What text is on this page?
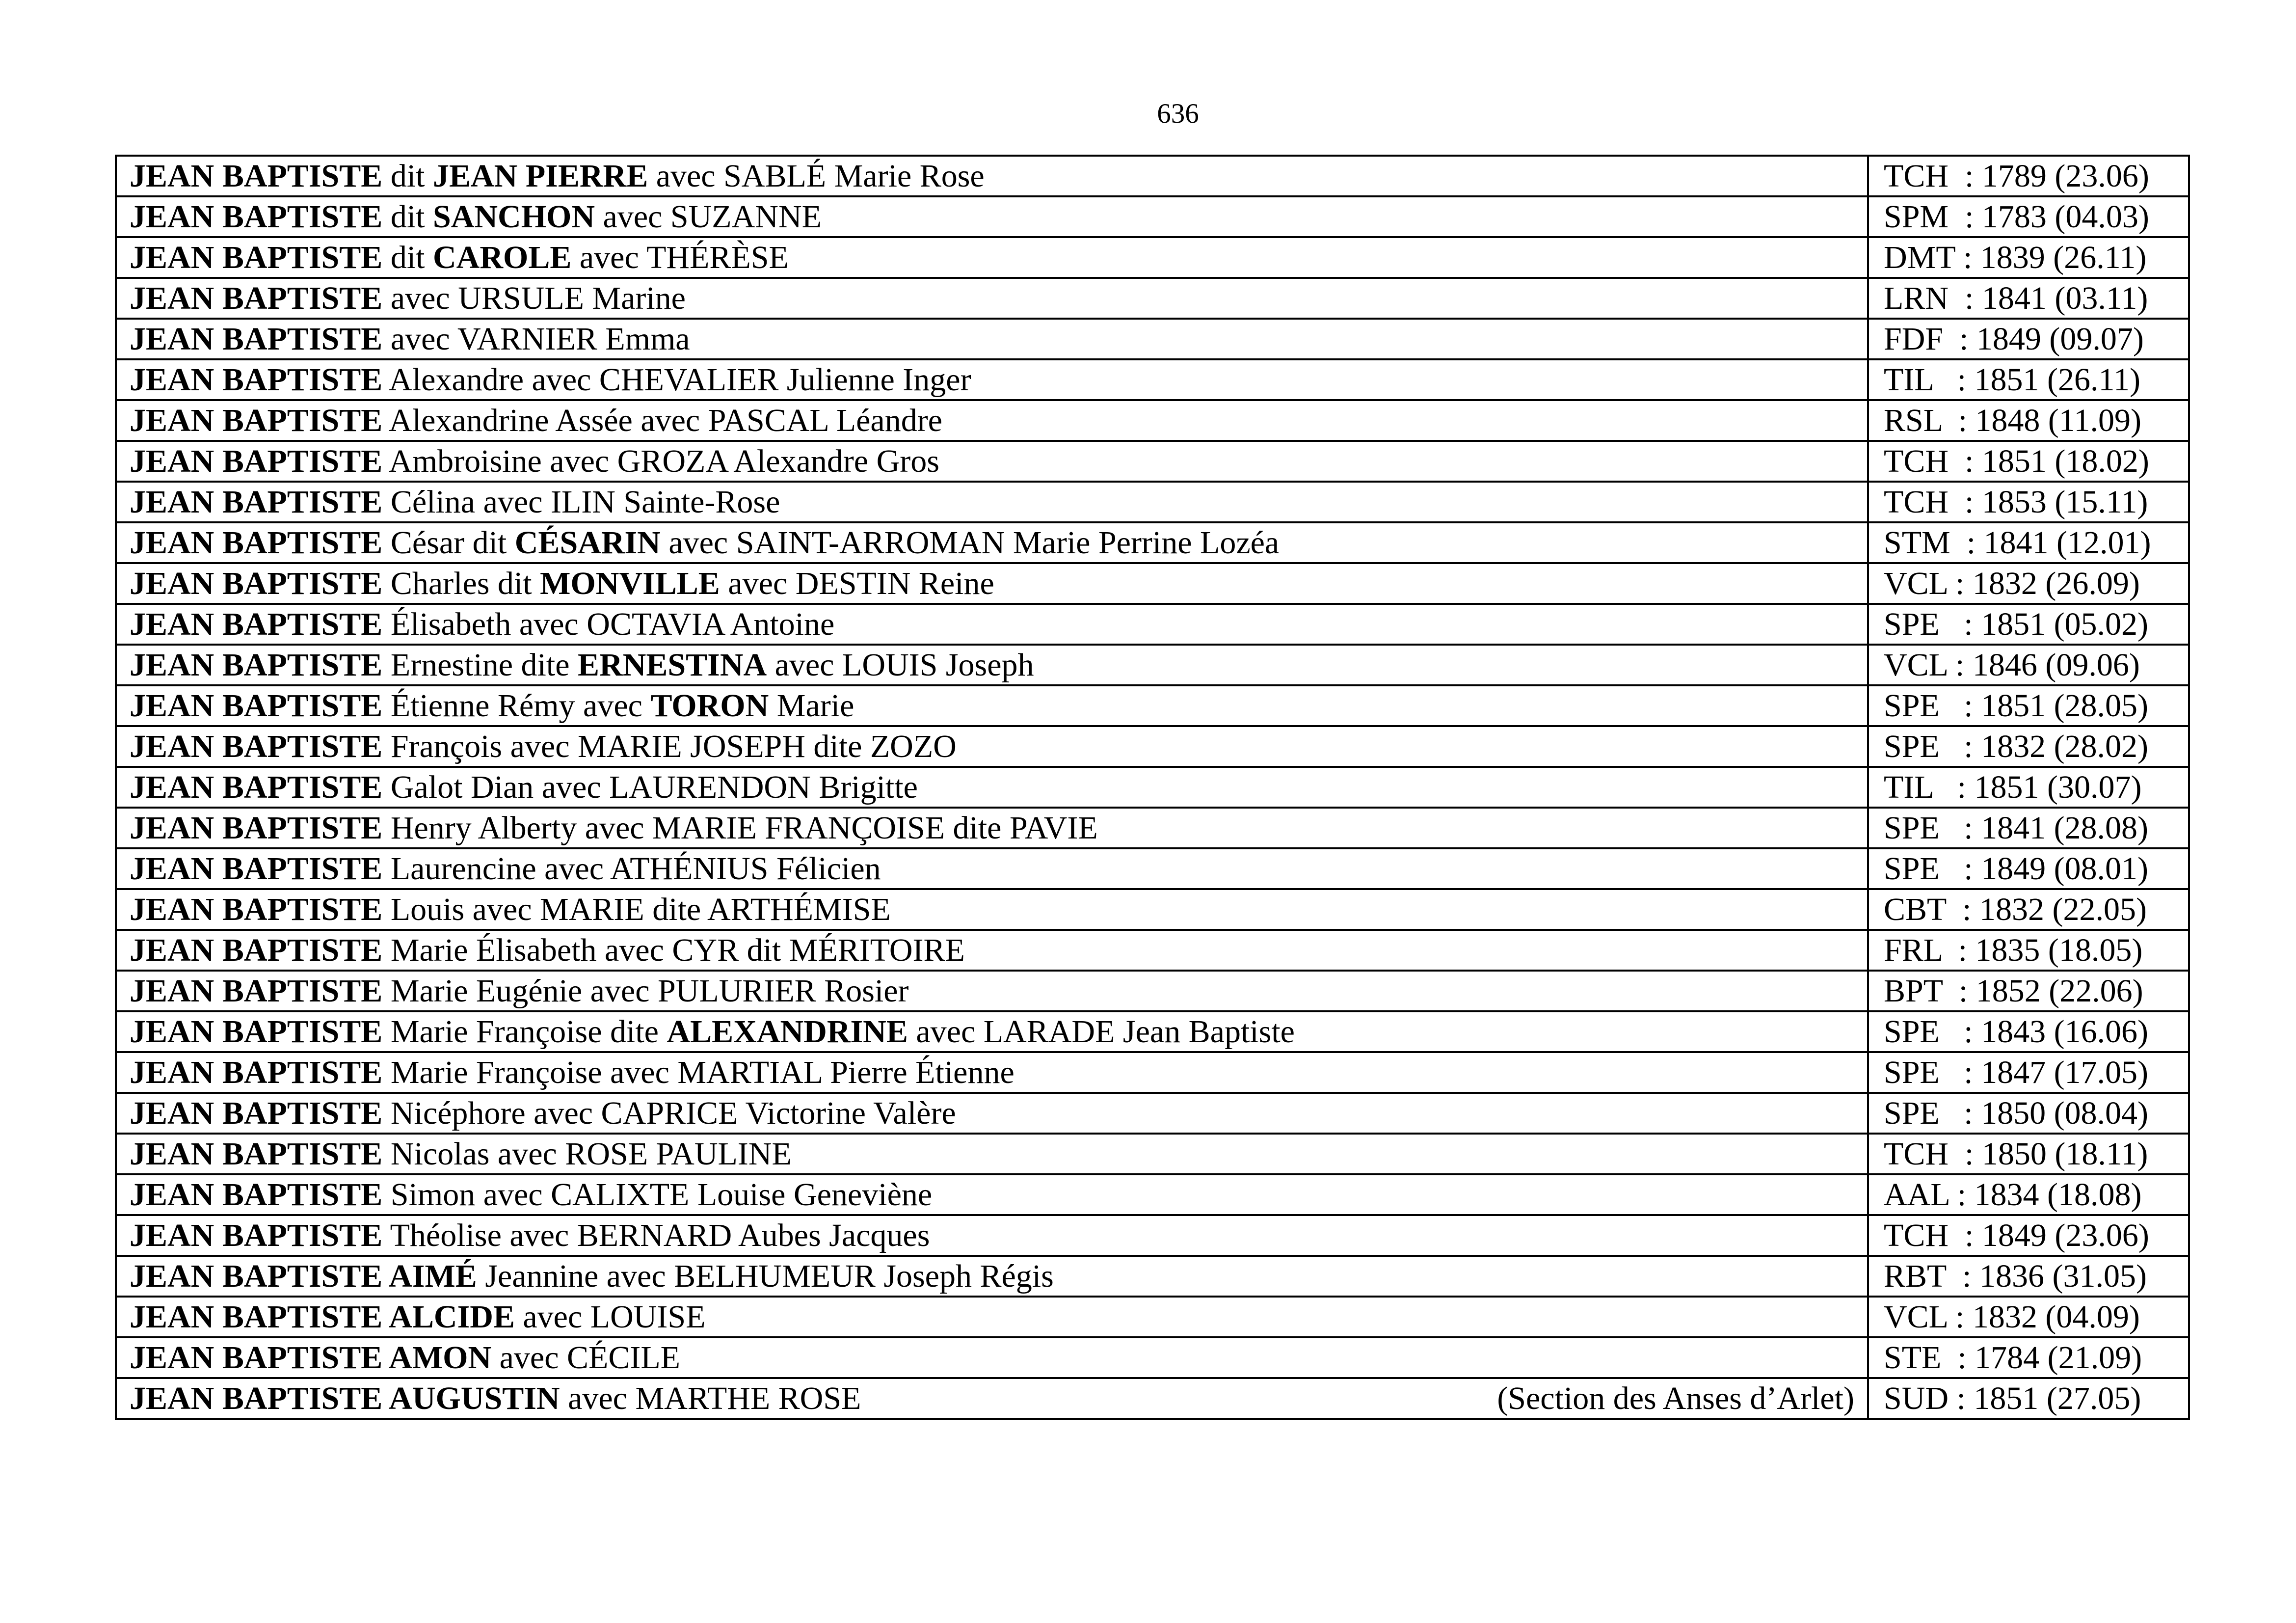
636
JEAN BAPTISTE dit JEAN PIERRE avec SABLÉ Marie Rose	TCH  : 1789 (23.06)
JEAN BAPTISTE dit SANCHON avec SUZANNE	SPM  : 1783 (04.03)
JEAN BAPTISTE dit CAROLE avec THÉRÈSE	DMT : 1839 (26.11)
JEAN BAPTISTE avec URSULE Marine	LRN  : 1841 (03.11)
JEAN BAPTISTE avec VARNIER Emma	FDF  : 1849 (09.07)
JEAN BAPTISTE Alexandre avec CHEVALIER Julienne Inger	TIL   : 1851 (26.11)
JEAN BAPTISTE Alexandrine Assée avec PASCAL Léandre	RSL  : 1848 (11.09)
JEAN BAPTISTE Ambroisine avec GROZA Alexandre Gros	TCH  : 1851 (18.02)
JEAN BAPTISTE Célina avec ILIN Sainte-Rose	TCH  : 1853 (15.11)
JEAN BAPTISTE César dit CÉSARIN avec SAINT-ARROMAN Marie Perrine Lozéa	STM  : 1841 (12.01)
JEAN BAPTISTE Charles dit MONVILLE avec DESTIN Reine	VCL : 1832 (26.09)
JEAN BAPTISTE Élisabeth avec OCTAVIA Antoine	SPE   : 1851 (05.02)
JEAN BAPTISTE Ernestine dite ERNESTINA avec LOUIS Joseph	VCL : 1846 (09.06)
JEAN BAPTISTE Étienne Rémy avec TORON Marie	SPE   : 1851 (28.05)
JEAN BAPTISTE François avec MARIE JOSEPH dite ZOZO	SPE   : 1832 (28.02)
JEAN BAPTISTE Galot Dian avec LAURENDON Brigitte	TIL   : 1851 (30.07)
JEAN BAPTISTE Henry Alberty avec MARIE FRANÇOISE dite PAVIE	SPE   : 1841 (28.08)
JEAN BAPTISTE Laurencine avec ATHÉNIUS Félicien	SPE   : 1849 (08.01)
JEAN BAPTISTE Louis avec MARIE dite ARTHÉMISE	CBT  : 1832 (22.05)
JEAN BAPTISTE Marie Élisabeth avec CYR dit MÉRITOIRE	FRL  : 1835 (18.05)
JEAN BAPTISTE Marie Eugénie avec PULURIER Rosier	BPT  : 1852 (22.06)
JEAN BAPTISTE Marie Françoise dite ALEXANDRINE avec LARADE Jean Baptiste	SPE   : 1843 (16.06)
JEAN BAPTISTE Marie Françoise avec MARTIAL Pierre Étienne	SPE   : 1847 (17.05)
JEAN BAPTISTE Nicéphore avec CAPRICE Victorine Valère	SPE   : 1850 (08.04)
JEAN BAPTISTE Nicolas avec ROSE PAULINE	TCH  : 1850 (18.11)
JEAN BAPTISTE Simon avec CALIXTE Louise Geneviène	AAL : 1834 (18.08)
JEAN BAPTISTE Théolise avec BERNARD Aubes Jacques	TCH  : 1849 (23.06)
JEAN BAPTISTE AIMÉ Jeannine avec BELHUMEUR Joseph Régis	RBT  : 1836 (31.05)
JEAN BAPTISTE ALCIDE avec LOUISE	VCL : 1832 (04.09)
JEAN BAPTISTE AMON avec CÉCILE	STE  : 1784 (21.09)

JEAN BAPTISTE AUGUSTIN avec MARTHE ROSE (Section des Anses d’Arlet)	SUD : 1851 (27.05)
